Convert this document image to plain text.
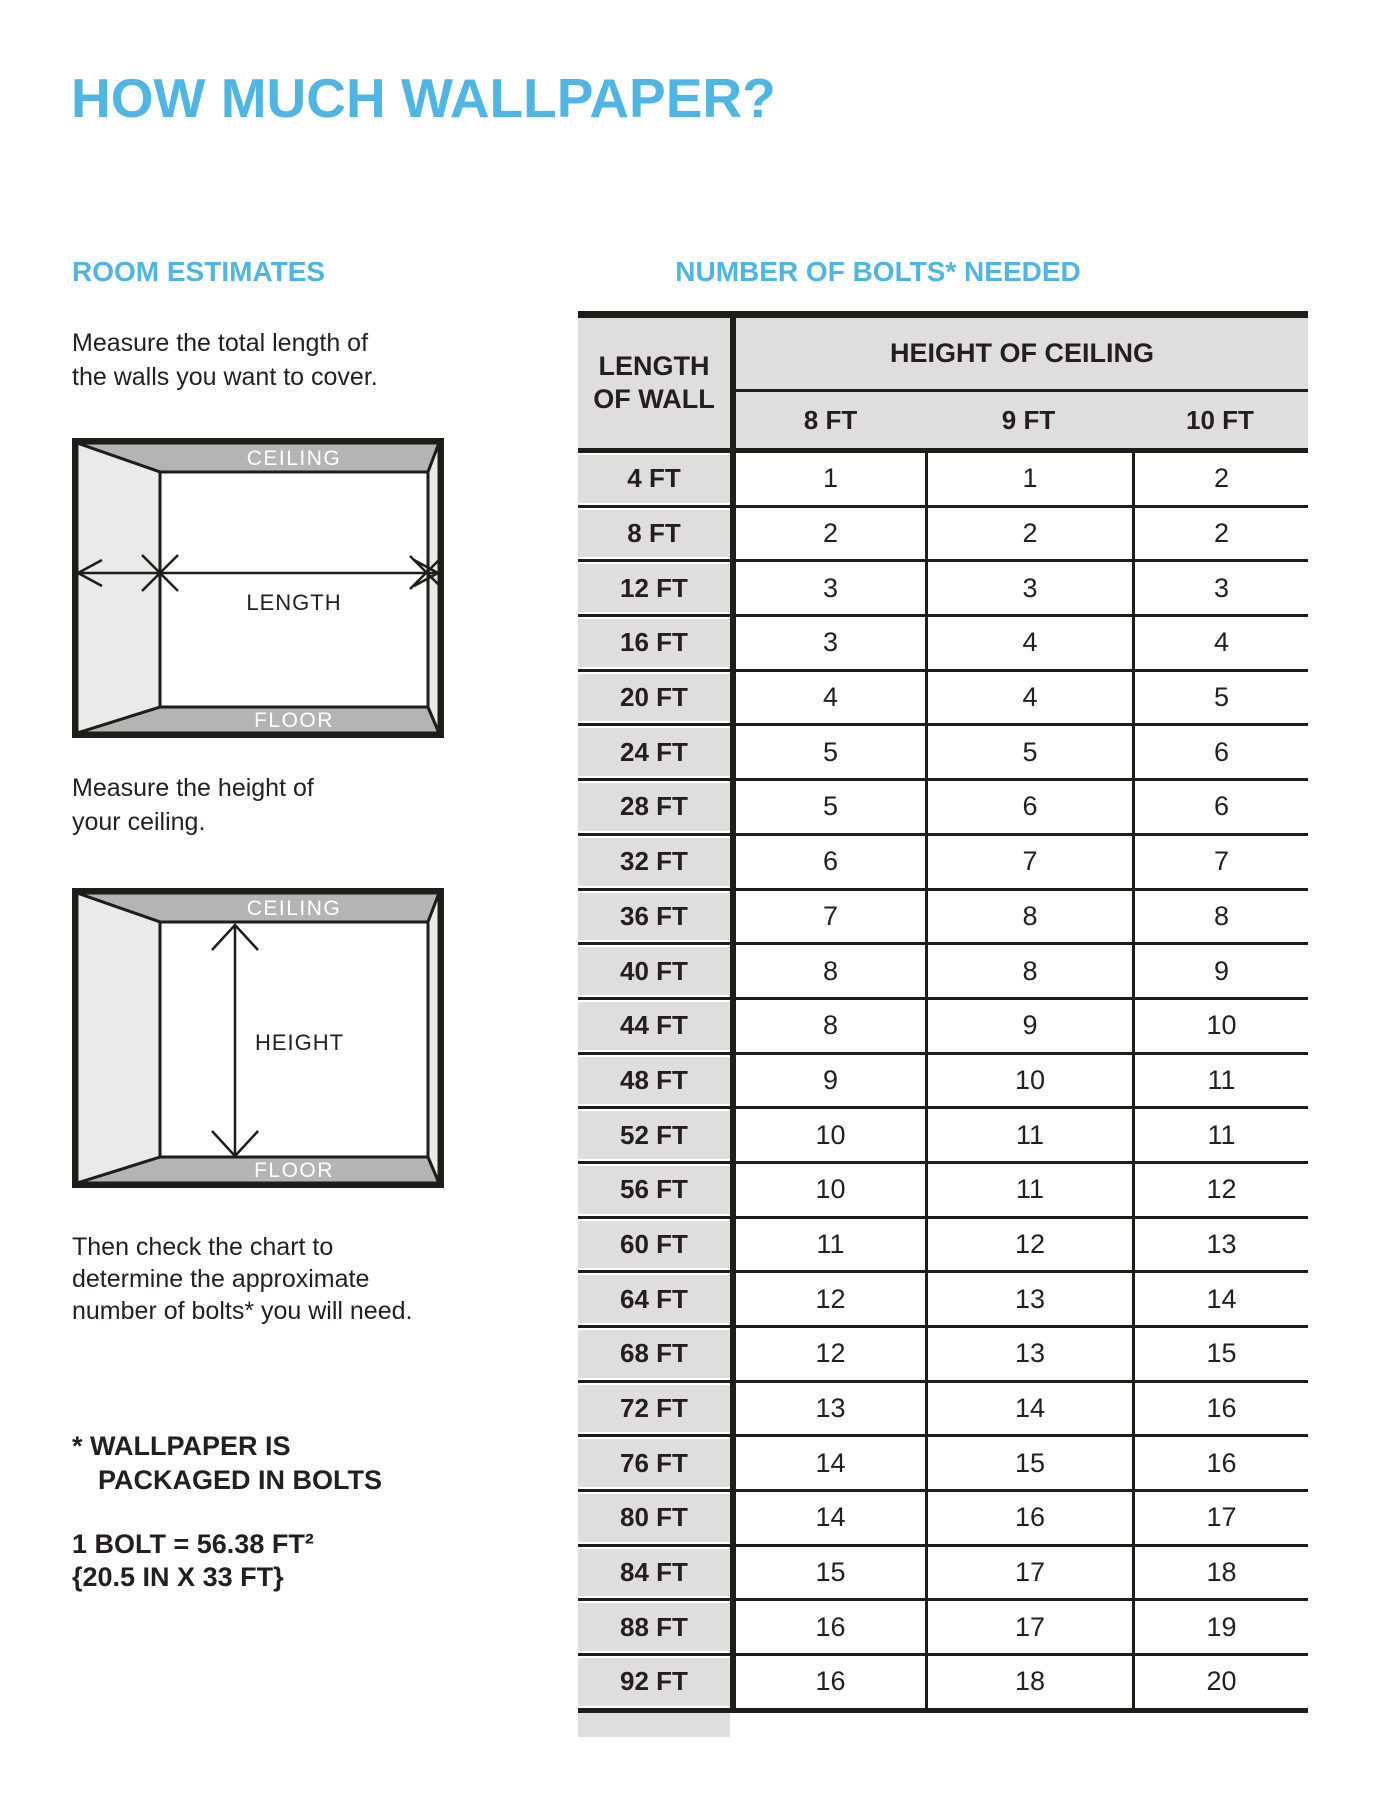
HOW MUCH WALLPAPER?
ROOM ESTIMATES
Measure the total length of
the walls you want to cover.
CEILING
LENGTH
FLOOR
Measure the height of
your ceiling.
HEIGHT
CEILING
FLOOR
Then check the chart to
determine the approximate
number of bolts* you will need.
* WALLPAPER IS
PACKAGED IN BOLTS
1 BOLT = 56.38 FT²
{20.5 IN X 33 FT}
NUMBER OF BOLTS* NEEDED
LENGTH
OF WALL
HEIGHT OF CEILING
8 FT	9 FT	10 FT
4 FT	1	1	2
8 FT	2	2	2
12 FT	3	3	3
16 FT	3	4	4
20 FT	4	4	5
24 FT	5	5	6
28 FT	5	6	6
32 FT	6	7	7
36 FT	7	8	8
40 FT	8	8	9
44 FT	8	9	10
48 FT	9	10	11
52 FT	10	11	11
56 FT	10	11	12
60 FT	11	12	13
64 FT	12	13	14
68 FT	12	13	15
72 FT	13	14	16
76 FT	14	15	16
80 FT	14	16	17
84 FT	15	17	18
88 FT	16	17	19
92 FT	16	18	20
